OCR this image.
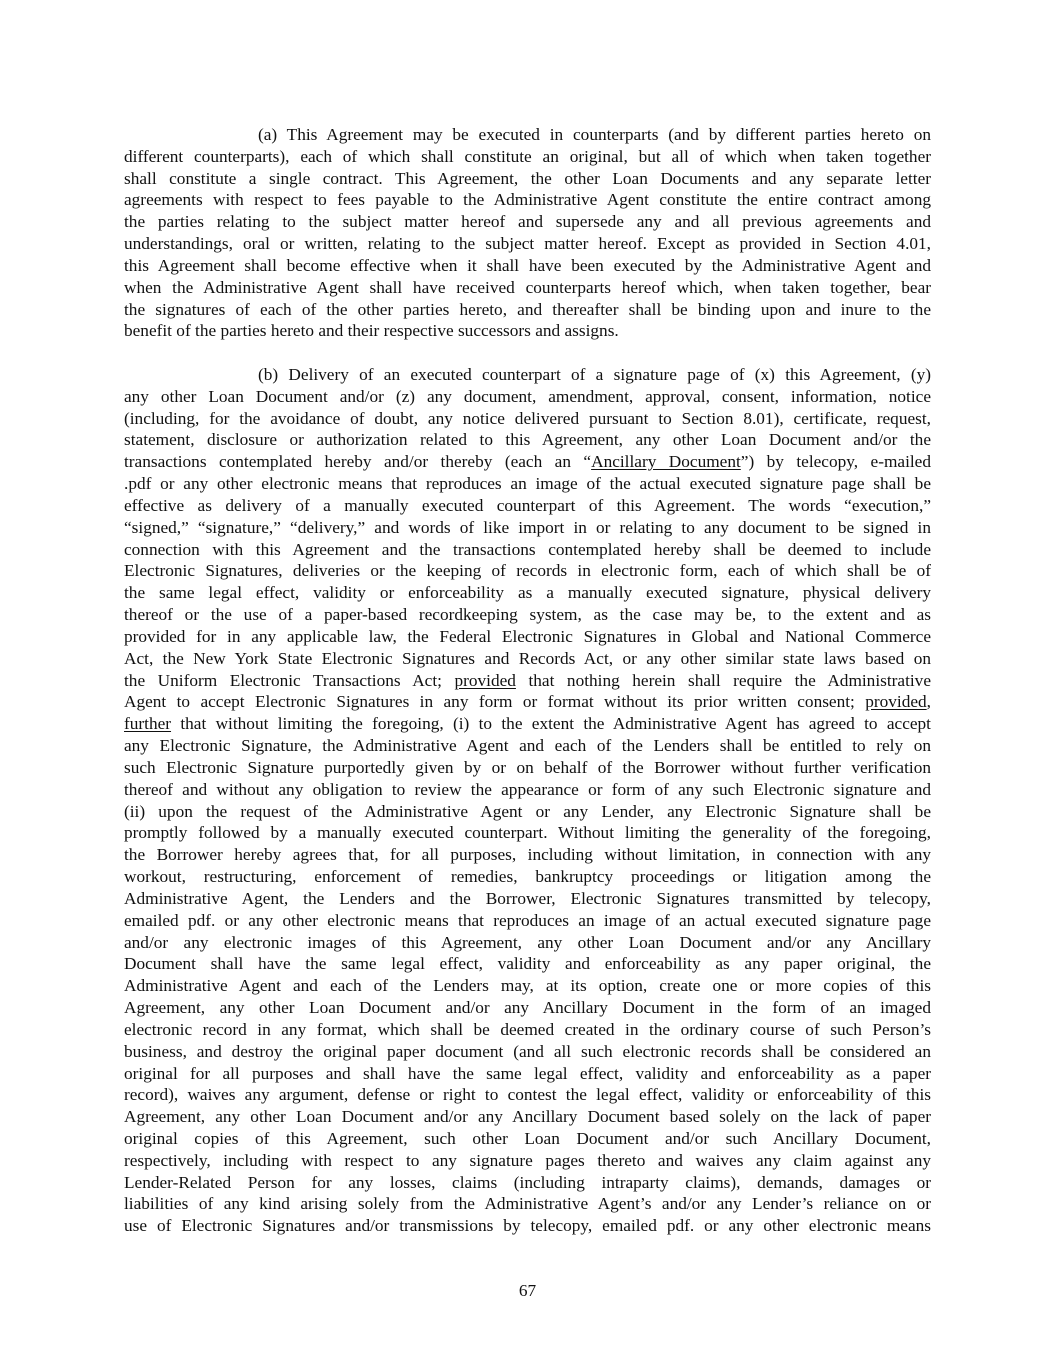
(a) This Agreement may be executed in counterparts (and by different parties hereto on
different counterparts), each of which shall constitute an original, but all of which when taken together
shall constitute a single contract. This Agreement, the other Loan Documents and any separate letter
agreements with respect to fees payable to the Administrative Agent constitute the entire contract among
the parties relating to the subject matter hereof and supersede any and all previous agreements and
understandings, oral or written, relating to the subject matter hereof. Except as provided in Section 4.01,
this Agreement shall become effective when it shall have been executed by the Administrative Agent and
when the Administrative Agent shall have received counterparts hereof which, when taken together, bear
the signatures of each of the other parties hereto, and thereafter shall be binding upon and inure to the
benefit of the parties hereto and their respective successors and assigns.
(b) Delivery of an executed counterpart of a signature page of (x) this Agreement, (y)
any other Loan Document and/or (z) any document, amendment, approval, consent, information, notice
(including, for the avoidance of doubt, any notice delivered pursuant to Section 8.01), certificate, request,
statement, disclosure or authorization related to this Agreement, any other Loan Document and/or the
transactions contemplated hereby and/or thereby (each an “Ancillary Document”) by telecopy, e-mailed
.pdf or any other electronic means that reproduces an image of the actual executed signature page shall be
effective as delivery of a manually executed counterpart of this Agreement. The words “execution,”
“signed,” “signature,” “delivery,” and words of like import in or relating to any document to be signed in
connection with this Agreement and the transactions contemplated hereby shall be deemed to include
Electronic Signatures, deliveries or the keeping of records in electronic form, each of which shall be of
the same legal effect, validity or enforceability as a manually executed signature, physical delivery
thereof or the use of a paper-based recordkeeping system, as the case may be, to the extent and as
provided for in any applicable law, the Federal Electronic Signatures in Global and National Commerce
Act, the New York State Electronic Signatures and Records Act, or any other similar state laws based on
the Uniform Electronic Transactions Act; provided that nothing herein shall require the Administrative
Agent to accept Electronic Signatures in any form or format without its prior written consent; provided,
further that without limiting the foregoing, (i) to the extent the Administrative Agent has agreed to accept
any Electronic Signature, the Administrative Agent and each of the Lenders shall be entitled to rely on
such Electronic Signature purportedly given by or on behalf of the Borrower without further verification
thereof and without any obligation to review the appearance or form of any such Electronic signature and
(ii) upon the request of the Administrative Agent or any Lender, any Electronic Signature shall be
promptly followed by a manually executed counterpart. Without limiting the generality of the foregoing,
the Borrower hereby agrees that, for all purposes, including without limitation, in connection with any
workout, restructuring, enforcement of remedies, bankruptcy proceedings or litigation among the
Administrative Agent, the Lenders and the Borrower, Electronic Signatures transmitted by telecopy,
emailed pdf. or any other electronic means that reproduces an image of an actual executed signature page
and/or any electronic images of this Agreement, any other Loan Document and/or any Ancillary
Document shall have the same legal effect, validity and enforceability as any paper original, the
Administrative Agent and each of the Lenders may, at its option, create one or more copies of this
Agreement, any other Loan Document and/or any Ancillary Document in the form of an imaged
electronic record in any format, which shall be deemed created in the ordinary course of such Person’s
business, and destroy the original paper document (and all such electronic records shall be considered an
original for all purposes and shall have the same legal effect, validity and enforceability as a paper
record), waives any argument, defense or right to contest the legal effect, validity or enforceability of this
Agreement, any other Loan Document and/or any Ancillary Document based solely on the lack of paper
original copies of this Agreement, such other Loan Document and/or such Ancillary Document,
respectively, including with respect to any signature pages thereto and waives any claim against any
Lender-Related Person for any losses, claims (including intraparty claims), demands, damages or
liabilities of any kind arising solely from the Administrative Agent’s and/or any Lender’s reliance on or
use of Electronic Signatures and/or transmissions by telecopy, emailed pdf. or any other electronic means
67
